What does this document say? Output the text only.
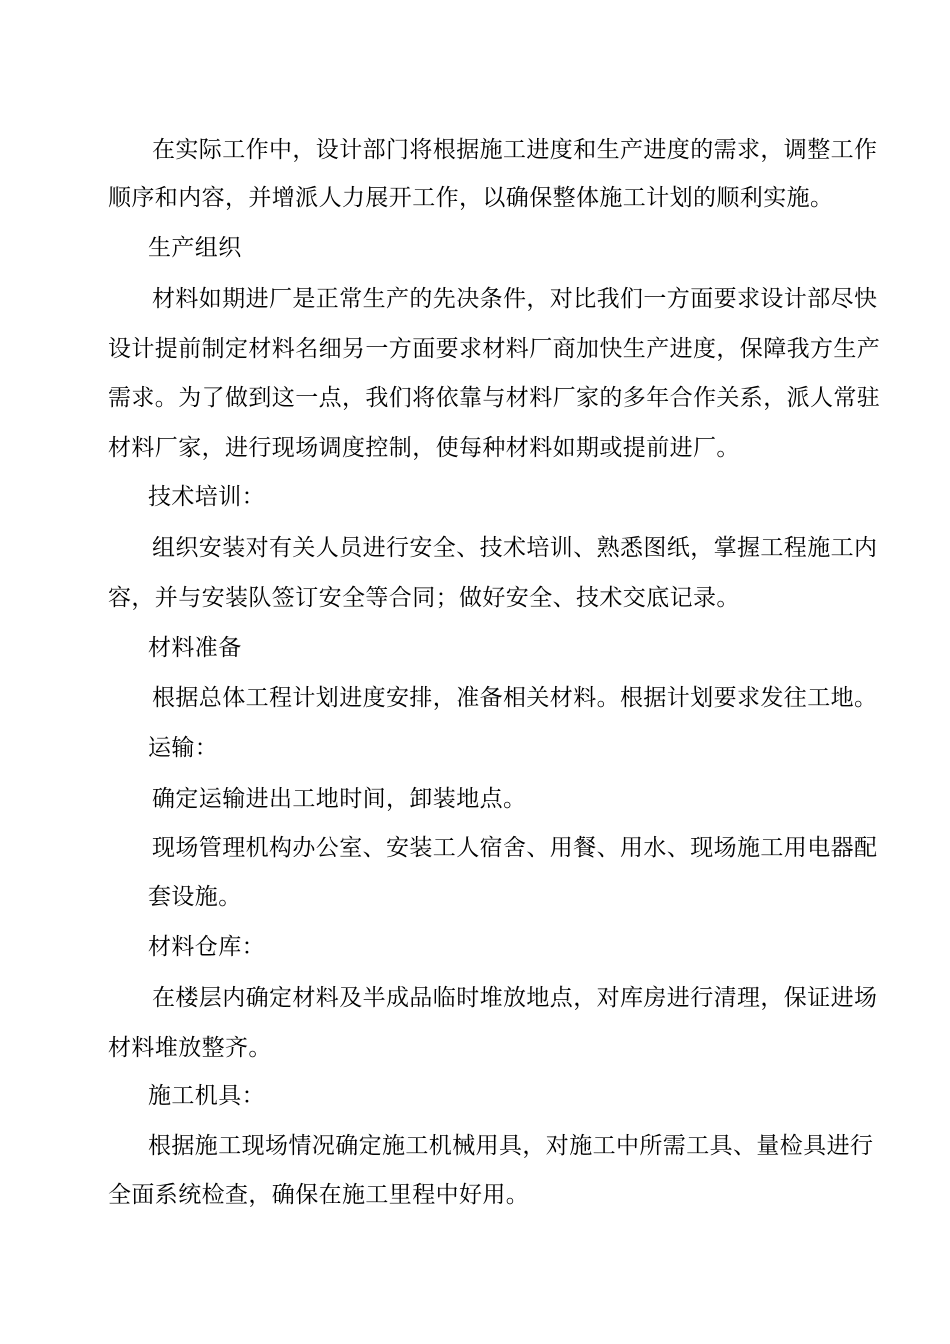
在实际工作中，设计部门将根据施工进度和生产进度的需求，调整工作
顺序和内容，并增派人力展开工作，以确保整体施工计划的顺利实施。
生产组织
材料如期进厂是正常生产的先决条件，对比我们一方面要求设计部尽快
设计提前制定材料名细另一方面要求材料厂商加快生产进度，保障我方生产
需求。为了做到这一点，我们将依靠与材料厂家的多年合作关系，派人常驻
材料厂家，进行现场调度控制，使每种材料如期或提前进厂。
技术培训：
组织安装对有关人员进行安全、技术培训、熟悉图纸，掌握工程施工内
容，并与安装队签订安全等合同；做好安全、技术交底记录。
材料准备
根据总体工程计划进度安排，准备相关材料。根据计划要求发往工地。
运输：
确定运输进出工地时间，卸装地点。
现场管理机构办公室、安装工人宿舍、用餐、用水、现场施工用电器配
套设施。
材料仓库：
在楼层内确定材料及半成品临时堆放地点，对库房进行清理，保证进场
材料堆放整齐。
施工机具：
根据施工现场情况确定施工机械用具，对施工中所需工具、量检具进行
全面系统检查，确保在施工里程中好用。
